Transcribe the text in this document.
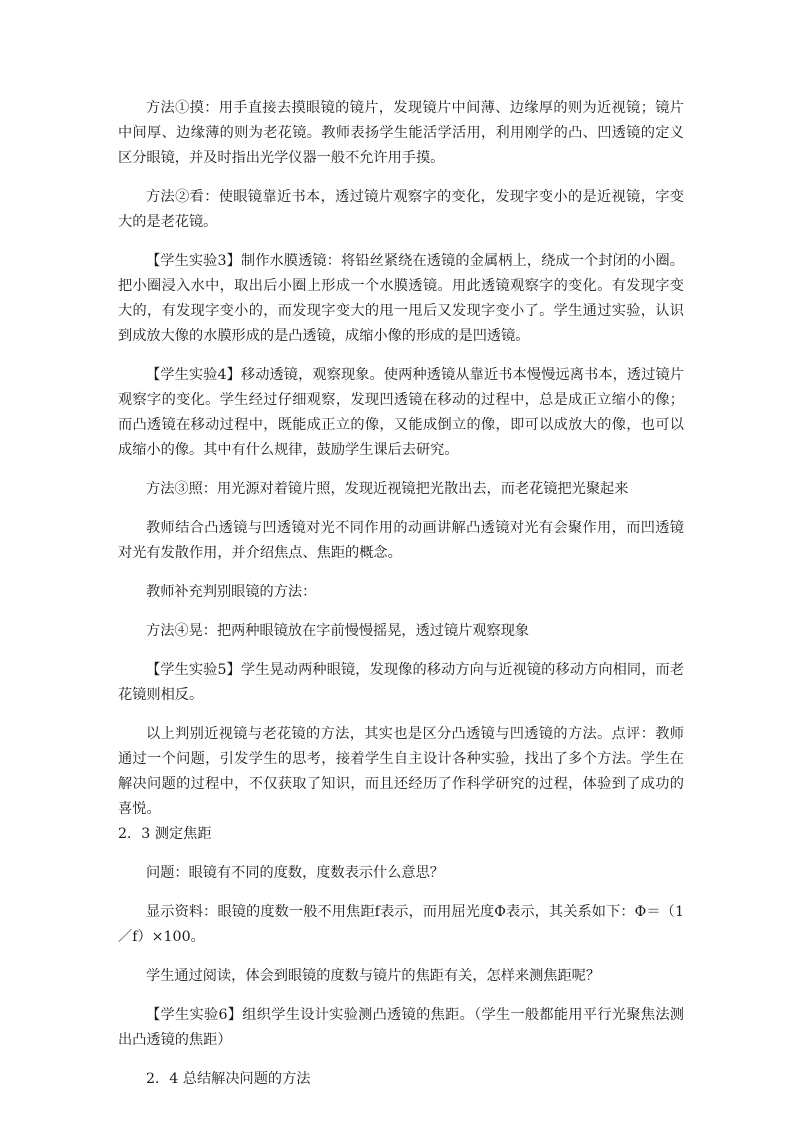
方法①摸：用手直接去摸眼镜的镜片，发现镜片中间薄、边缘厚的则为近视镜；镜片中间厚、边缘薄的则为老花镜。教师表扬学生能活学活用，利用刚学的凸、凹透镜的定义区分眼镜，并及时指出光学仪器一般不允许用手摸。

方法②看：使眼镜靠近书本，透过镜片观察字的变化，发现字变小的是近视镜，字变大的是老花镜。

【学生实验3】制作水膜透镜：将铅丝紧绕在透镜的金属柄上，绕成一个封闭的小圈。把小圈浸入水中，取出后小圈上形成一个水膜透镜。用此透镜观察字的变化。有发现字变大的，有发现字变小的，而发现字变大的甩一甩后又发现字变小了。学生通过实验，认识到成放大像的水膜形成的是凸透镜，成缩小像的形成的是凹透镜。

【学生实验4】移动透镜，观察现象。使两种透镜从靠近书本慢慢远离书本，透过镜片观察字的变化。学生经过仔细观察，发现凹透镜在移动的过程中，总是成正立缩小的像；而凸透镜在移动过程中，既能成正立的像，又能成倒立的像，即可以成放大的像，也可以成缩小的像。其中有什么规律，鼓励学生课后去研究。

方法③照：用光源对着镜片照，发现近视镜把光散出去，而老花镜把光聚起来

教师结合凸透镜与凹透镜对光不同作用的动画讲解凸透镜对光有会聚作用，而凹透镜对光有发散作用，并介绍焦点、焦距的概念。

教师补充判别眼镜的方法：

方法④晃：把两种眼镜放在字前慢慢摇晃，透过镜片观察现象

【学生实验5】学生晃动两种眼镜，发现像的移动方向与近视镜的移动方向相同，而老花镜则相反。

以上判别近视镜与老花镜的方法，其实也是区分凸透镜与凹透镜的方法。点评：教师通过一个问题，引发学生的思考，接着学生自主设计各种实验，找出了多个方法。学生在解决问题的过程中，不仅获取了知识，而且还经历了作科学研究的过程，体验到了成功的喜悦。

2．3 测定焦距

问题：眼镜有不同的度数，度数表示什么意思？

显示资料：眼镜的度数一般不用焦距f表示，而用屈光度Φ表示，其关系如下：Φ＝（1／f）×100。

学生通过阅读，体会到眼镜的度数与镜片的焦距有关，怎样来测焦距呢？

【学生实验6】组织学生设计实验测凸透镜的焦距。（学生一般都能用平行光聚焦法测出凸透镜的焦距）

2．4 总结解决问题的方法
